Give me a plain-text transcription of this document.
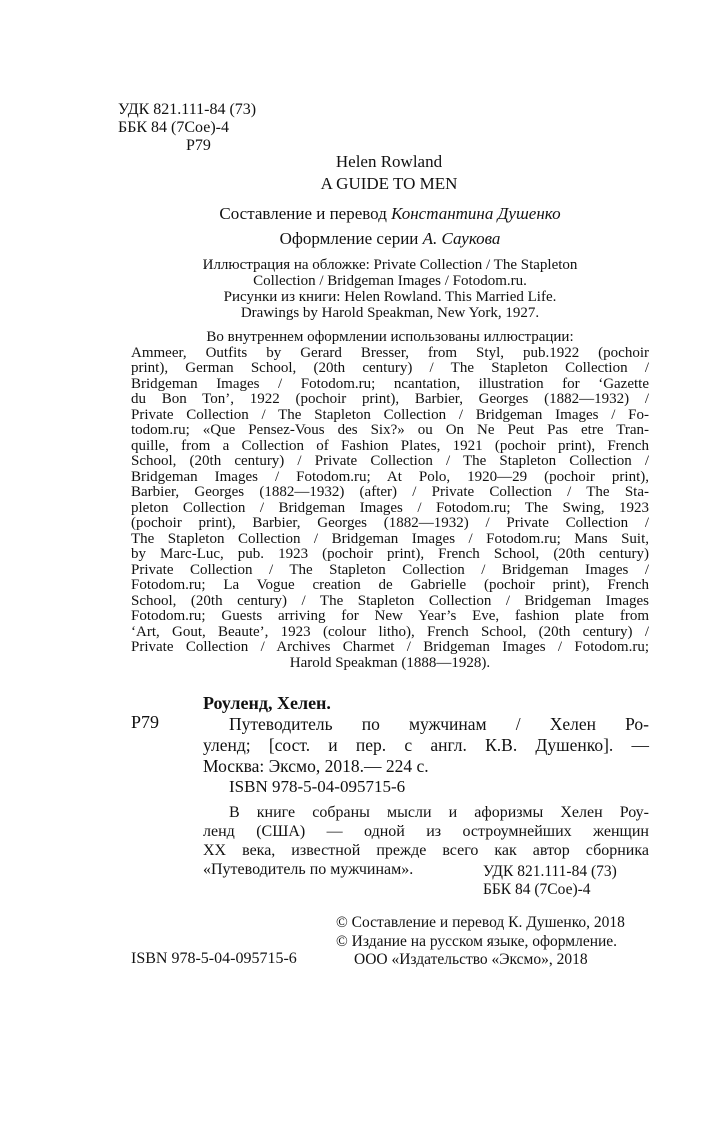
УДК 821.111-84 (73)
ББК 84 (7Сое)-4
Р79
Helen Rowland
A GUIDE TO MEN
Составление и перевод Константина Душенко
Оформление серии А. Саукова
Иллюстрация на обложке: Private Collection / The Stapleton
Collection / Bridgeman Images / Fotodom.ru.
Рисунки из книги: Helen Rowland. This Married Life.
Drawings by Harold Speakman, New York, 1927.
Во внутреннем оформлении использованы иллюстрации:
Ammeer, Outfits by Gerard Bresser, from Styl, pub.1922 (pochoir
print), German School, (20th century) / The Stapleton Collection /
Bridgeman Images / Fotodom.ru; ncantation, illustration for ‘Gazette
du Bon Ton’, 1922 (pochoir print), Barbier, Georges (1882—1932) /
Private Collection / The Stapleton Collection / Bridgeman Images / Fo-
todom.ru; «Que Pensez-Vous des Six?» ou On Ne Peut Pas etre Tran-
quille, from a Collection of Fashion Plates, 1921 (pochoir print), French
School, (20th century) / Private Collection / The Stapleton Collection /
Bridgeman Images / Fotodom.ru; At Polo, 1920—29 (pochoir print),
Barbier, Georges (1882—1932) (after) / Private Collection / The Sta-
pleton Collection / Bridgeman Images / Fotodom.ru; The Swing, 1923
(pochoir print), Barbier, Georges (1882—1932) / Private Collection /
The Stapleton Collection / Bridgeman Images / Fotodom.ru; Mans Suit,
by Marc-Luc, pub. 1923 (pochoir print), French School, (20th century)
Private Collection / The Stapleton Collection / Bridgeman Images /
Fotodom.ru; La Vogue creation de Gabrielle (pochoir print), French
School, (20th century) / The Stapleton Collection / Bridgeman Images
Fotodom.ru; Guests arriving for New Year’s Eve, fashion plate from
‘Art, Gout, Beaute’, 1923 (colour litho), French School, (20th century) /
Private Collection / Archives Charmet / Bridgeman Images / Fotodom.ru;
Harold Speakman (1888—1928).
Роуленд, Хелен.
Р79	Путеводитель по мужчинам / Хелен Ро-
уленд; [сост. и пер. с англ. К.В. Душенко]. —
Москва: Эксмо, 2018.— 224 с.
ISBN 978-5-04-095715-6
В книге собраны мысли и афоризмы Хелен Роу-
ленд (США) — одной из остроумнейших женщин
ХХ века, известной прежде всего как автор сборника
«Путеводитель по мужчинам».	УДК 821.111-84 (73)
ББК 84 (7Сое)-4
© Составление и перевод К. Душенко, 2018
© Издание на русском языке, оформление.
ООО «Издательство «Эксмо», 2018
ISBN 978-5-04-095715-6
